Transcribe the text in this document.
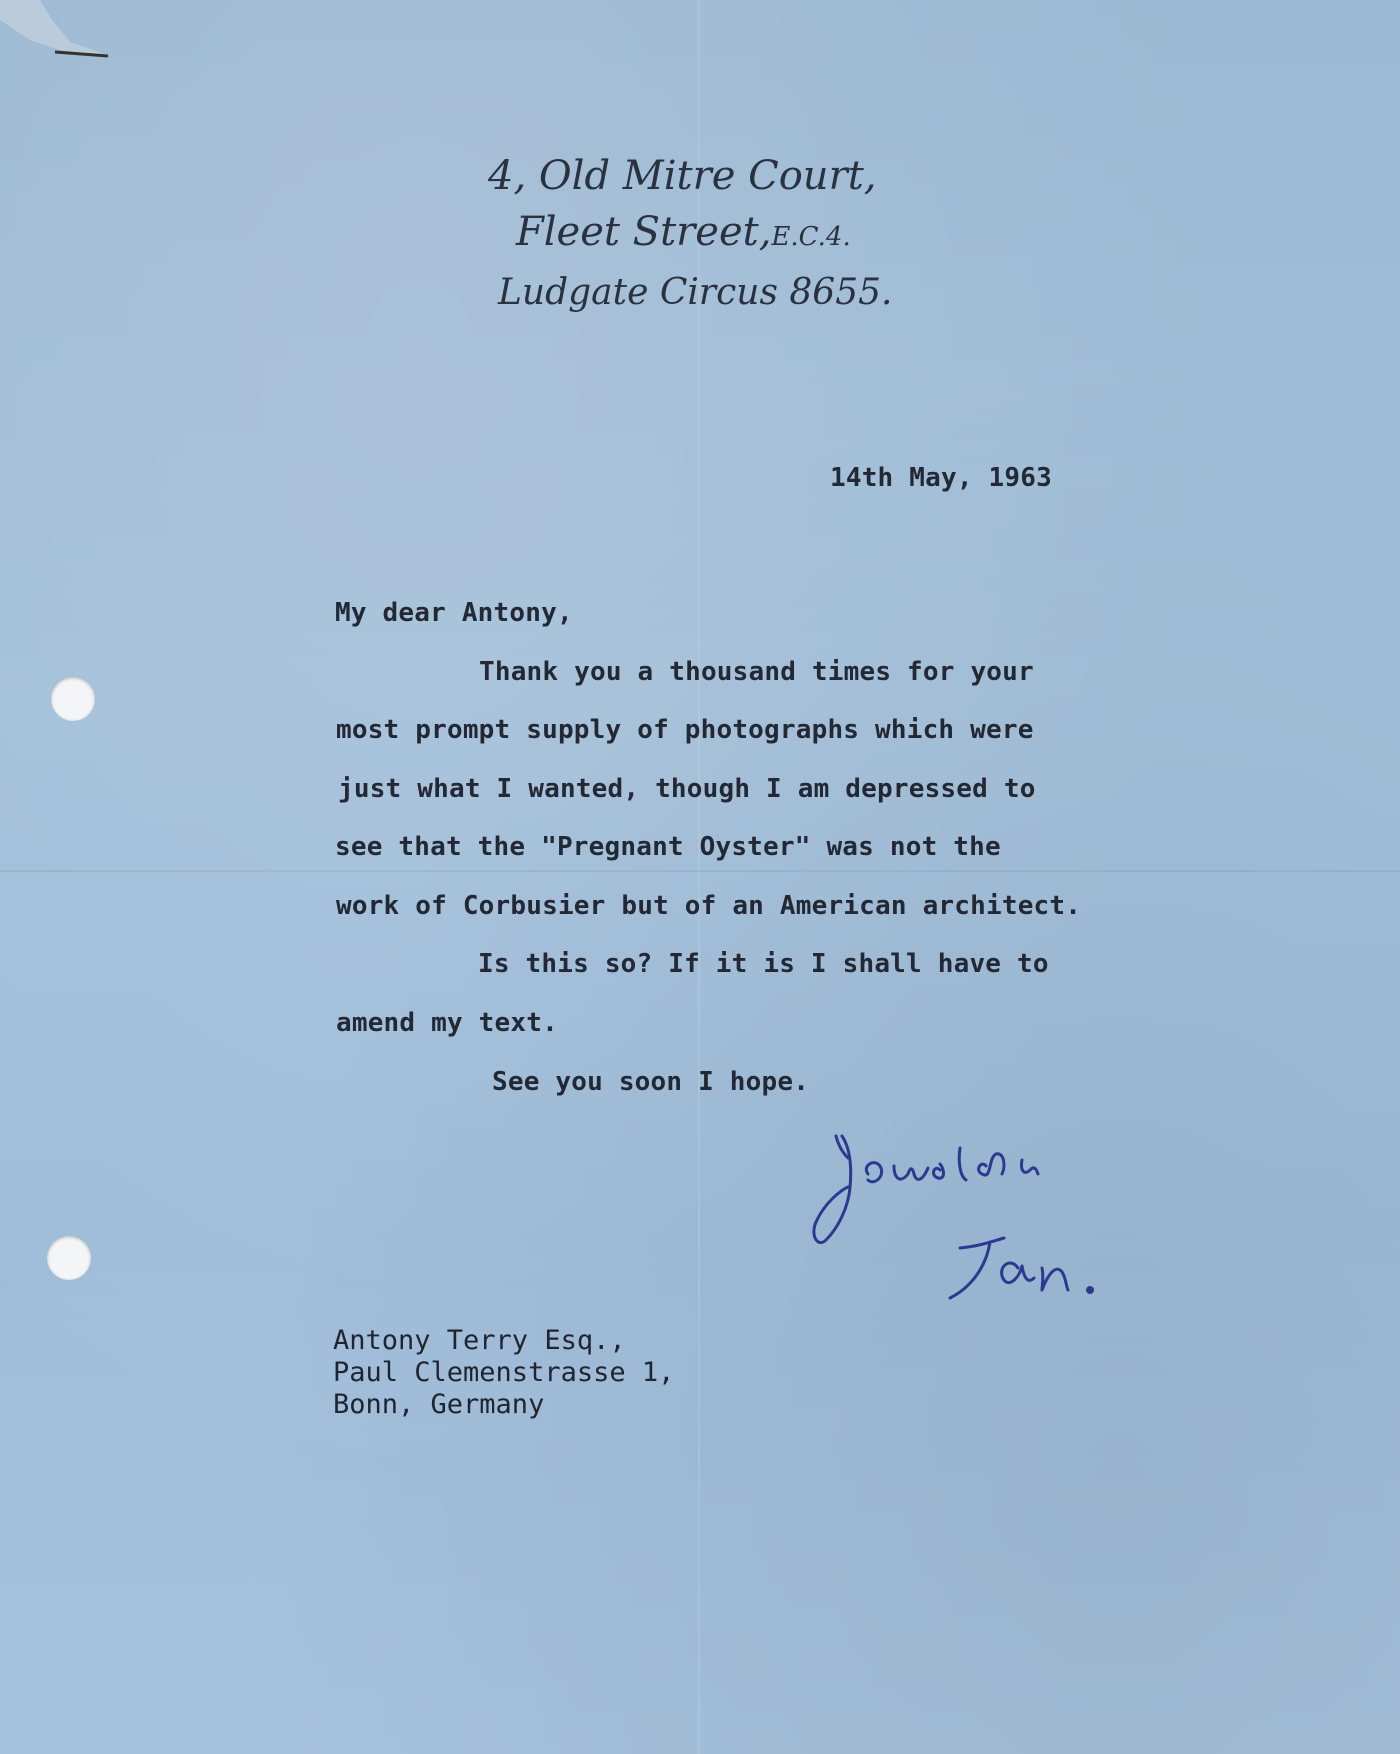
4, Old Mitre Court,
Fleet Street,E.C.4.
Ludgate Circus 8655.
14th May, 1963
My dear Antony,
Thank you a thousand times for your
most prompt supply of photographs which were
just what I wanted, though I am depressed to
see that the "Pregnant Oyster" was not the
work of Corbusier but of an American architect.
Is this so? If it is I shall have to
amend my text.
See you soon I hope.
Antony Terry Esq.,
Paul Clemenstrasse 1,
Bonn, Germany
